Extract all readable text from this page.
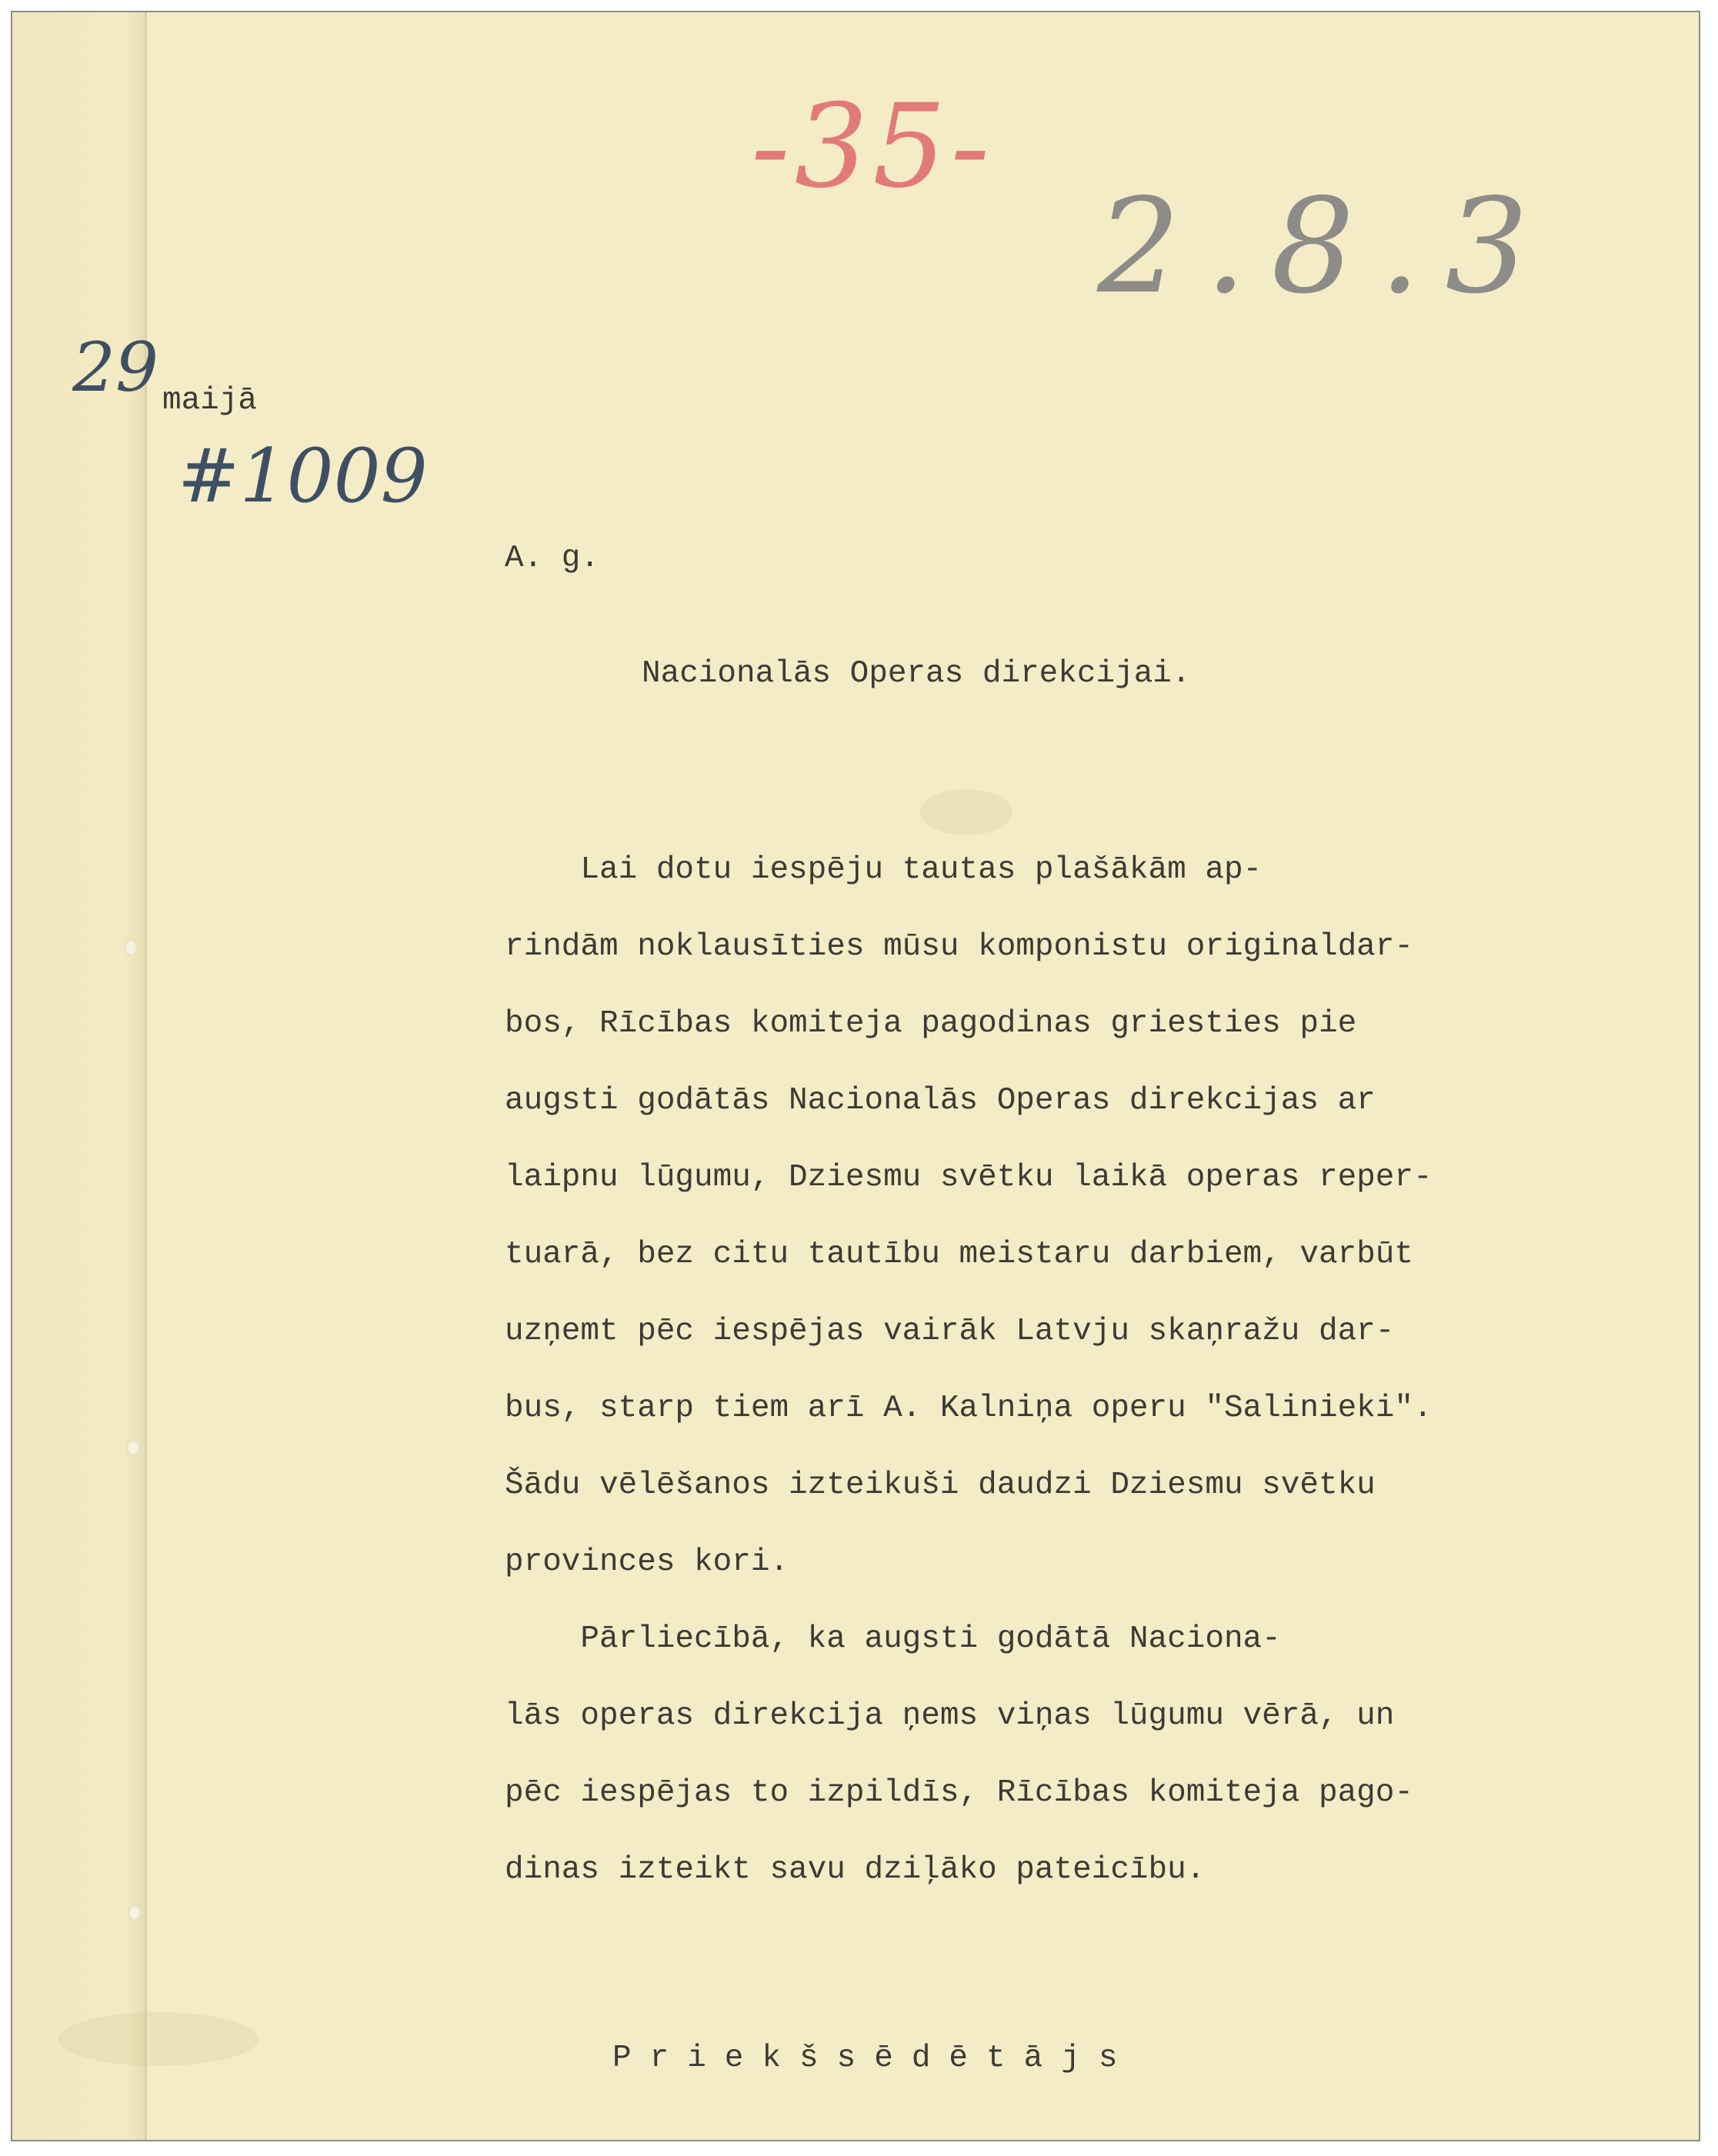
-35-

2.8.3

29 maijā

#1009

A. g.

Nacionalās Operas direkcijai.

Lai dotu iespēju tautas plašākām ap-

rindām noklausīties mūsu komponistu originaldar-

bos, Rīcības komiteja pagodinas griesties pie

augsti godātās Nacionalās Operas direkcijas ar

laipnu lūgumu, Dziesmu svētku laikā operas reper-

tuarā, bez citu tautību meistaru darbiem, varbūt

uzņemt pēc iespējas vairāk Latvju skaņražu dar-

bus, starp tiem arī A. Kalniņa operu "Salinieki".

Šādu vēlēšanos izteikuši daudzi Dziesmu svētku

provinces kori.

Pārliecībā, ka augsti godātā Naciona-

lās operas direkcija ņems viņas lūgumu vērā, un

pēc iespējas to izpildīs, Rīcības komiteja pago-

dinas izteikt savu dziļāko pateicību.

Priekšsēdētājs
